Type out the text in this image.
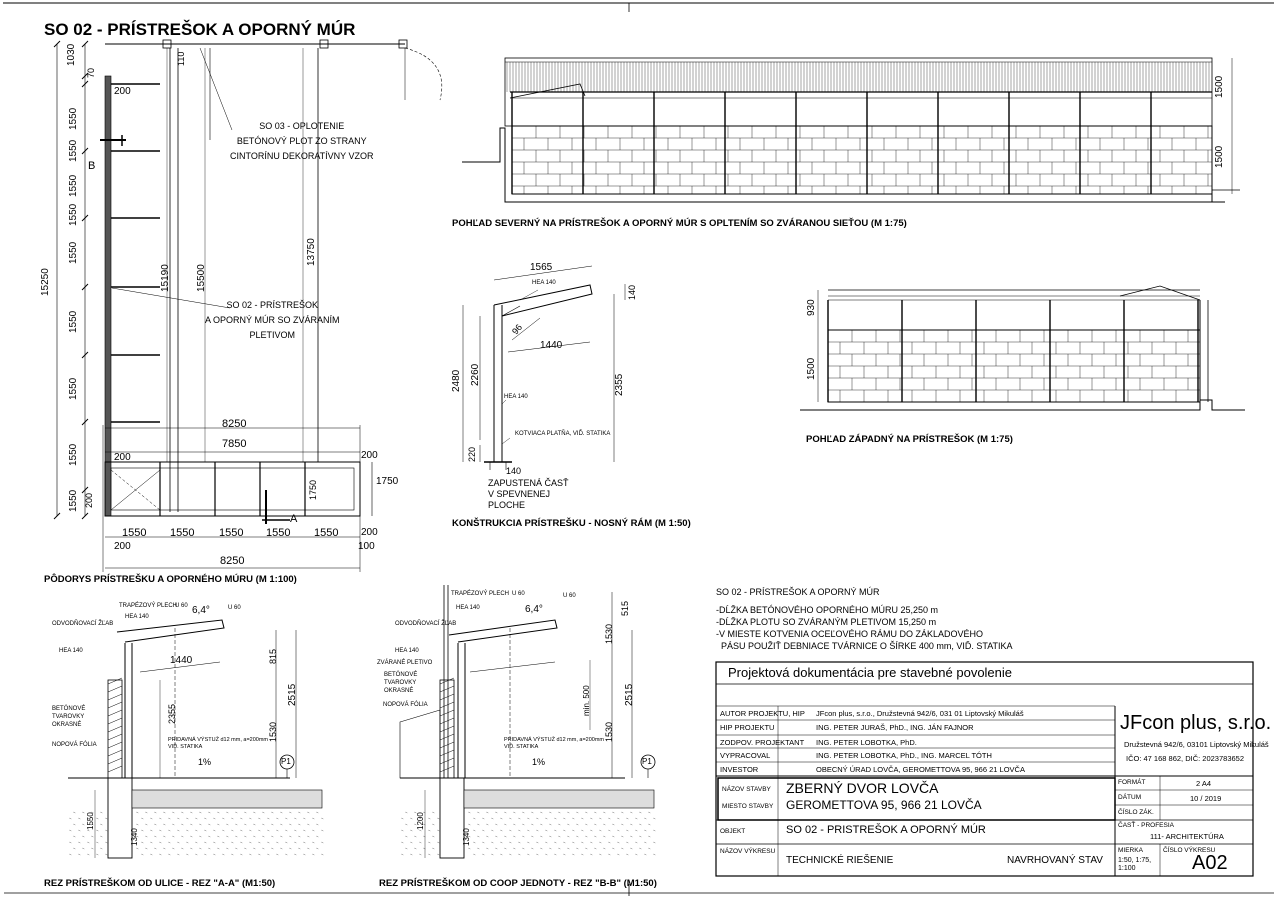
SO 02 - PRÍSTREŠOK A OPORNÝ MÚR
SO 03 - OPLOTENIE
BETÓNOVÝ PLOT ZO STRANY
CINTORÍNU DEKORATÍVNY VZOR
SO 02 - PRÍSTREŠOK
A OPORNÝ MÚR SO ZVÁRANÍM
PLETIVOM
B
A
1030
70
1550
1550
1550
1550
1550
1550
1550
1550
1550 200
15250	15190	15500
13750
110
200
8250
7850
8250
200	200
100
1750
1750
200
1550 1550 1550 1550 1550
200
PÔDORYS PRÍSTREŠKU A OPORNÉHO MÚRU (M 1:100)
POHĽAD SEVERNÝ NA PRÍSTREŠOK A OPORNÝ MÚR S OPLTENÍM SO ZVÁRANOU SIEŤOU (M 1:75)
1500
1500
POHĽAD ZÁPADNÝ NA PRÍSTREŠOK (M 1:75)
930
1500
KONŠTRUKCIA PRÍSTREŠKU - NOSNÝ RÁM (M 1:50)
1565
140
96
1440
2480 2260	2355
220
140
HEA 140
HEA 140
KOTVIACA PLATŇA, VIĎ. STATIKA
ZAPUSTENÁ ČASŤ
V SPEVNENEJ
PLOCHE
TRAPÉZOVÝ PLECH
U 60	U 60
HEA 140
ODVODŇOVACÍ ŽĽAB
HEA 140
BETÓNOVÉ
TVAROVKY
OKRASNÉ
NOPOVÁ FÓLIA
PRIDAVNÁ VÝSTUŽ d12 mm, a=200mm
VIĎ. STATIKA
6,4°
1440	815
2515
1530
2355
1%
1550
1340
P1
REZ PRÍSTREŠKOM OD ULICE - REZ "A-A" (M1:50)
TRAPÉZOVÝ PLECH U 60
HEA 140
U 60
ODVODŇOVACÍ ŽĽAB
HEA 140
ZVÁRANÉ PLETIVO
BETÓNOVÉ
TVAROVKY
OKRASNÉ
NOPOVÁ FÓLIA
PRIDAVNÁ VÝSTUŽ d12 mm, a=200mm
VIĎ. STATIKA
6,4°	515
1530
min. 500	2515
1530
1%
1200
1340
P1
REZ PRÍSTREŠKOM OD COOP JEDNOTY - REZ "B-B" (M1:50)
SO 02 - PRÍSTREŠOK A OPORNÝ MÚR
-DĹŽKA BETÓNOVÉHO OPORNÉHO MÚRU 25,250 m
-DĹŽKA PLOTU SO ZVÁRANÝM PLETIVOM 15,250 m
-V MIESTE KOTVENIA OCEĽOVÉHO RÁMU DO ZÁKLADOVÉHO
PÁSU POUŽIŤ DEBNIACE TVÁRNICE O ŠÍRKE 400 mm, VIĎ. STATIKA
Projektová dokumentácia pre stavebné povolenie
JFcon plus, s.r.o.
Družstevná 942/6, 03101 Liptovský Mikuláš
IČO: 47 168 862, DIČ: 2023783652
AUTOR PROJEKTU, HIP JFcon plus, s.r.o., Družstevná 942/6, 031 01 Liptovský Mikuláš
HIP PROJEKTU	ING. PETER JURAŠ, PhD., ING. JÁN FAJNOR
ZODPOV. PROJEKTANT ING. PETER LOBOTKA, PhD.
VYPRACOVAL	ING. PETER LOBOTKA, PhD., ING. MARCEL TÓTH
INVESTOR	OBECNÝ ÚRAD LOVČA, GEROMETTOVA 95, 966 21 LOVČA
NÁZOV STAVBY ZBERNÝ DVOR LOVČA
MIESTO STAVBY GEROMETTOVA 95, 966 21 LOVČA
OBJEKT	SO 02 - PRISTREŠOK A OPORNÝ MÚR
NÁZOV VÝKRESU
TECHNICKÉ RIEŠENIE	NAVRHOVANÝ STAV
FORMÁT	2 A4
DÁTUM	10 / 2019
ČÍSLO ZÁK.
ČASŤ - PROFESIA
111- ARCHITEKTÚRA
MIERKA
1:50, 1:75, 1:100
ČÍSLO VÝKRESU
A02
